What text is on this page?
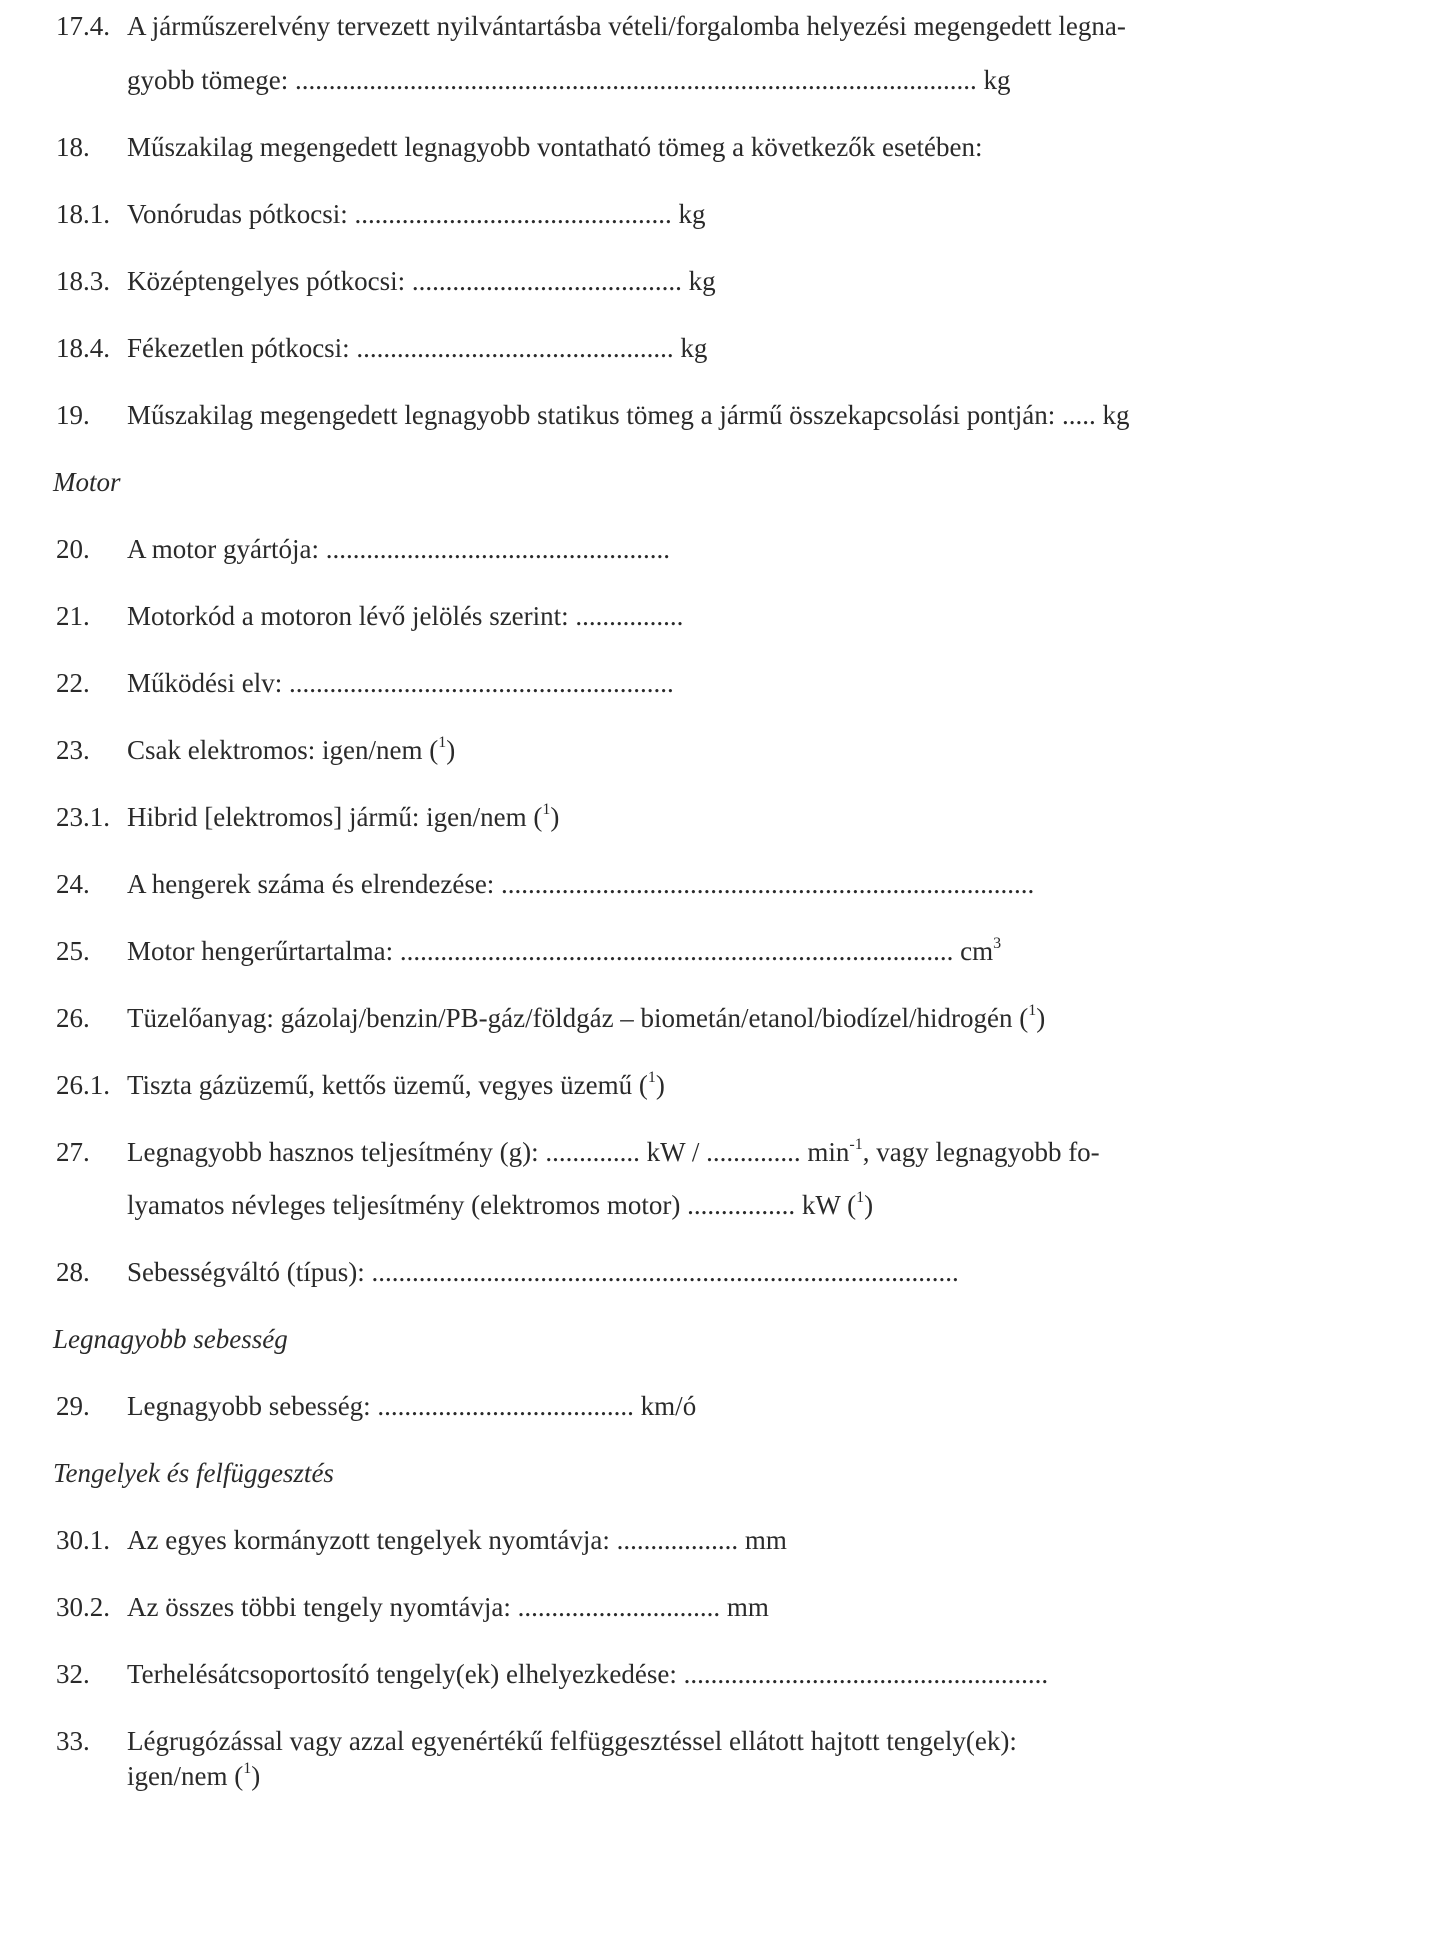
17.4. A járműszerelvény tervezett nyilvántartásba vételi/forgalomba helyezési megengedett legna-
gyobb tömege: ..................................................................................................... kg
18. Műszakilag megengedett legnagyobb vontatható tömeg a következők esetében:
18.1. Vonórudas pótkocsi: ............................................... kg
18.3. Középtengelyes pótkocsi: ........................................ kg
18.4. Fékezetlen pótkocsi: ............................................... kg
19. Műszakilag megengedett legnagyobb statikus tömeg a jármű összekapcsolási pontján: ..... kg
Motor
20. A motor gyártója: ...................................................
21. Motorkód a motoron lévő jelölés szerint: ................
22. Működési elv: .........................................................
23. Csak elektromos: igen/nem ($^1$)
23.1. Hibrid [elektromos] jármű: igen/nem ($^1$)
24. A hengerek száma és elrendezése: ...............................................................................
25. Motor hengerűrtartalma: .................................................................................. $cm^3$
26. Tüzelőanyag: gázolaj/benzin/PB-gáz/földgáz – biometán/etanol/biodízel/hidrogén ($^1$)
26.1. Tiszta gázüzemű, kettős üzemű, vegyes üzemű ($^1$)
27. Legnagyobb hasznos teljesítmény (g): .............. kW / .............. $\min^{-1}$, vagy legnagyobb fo-
lyamatos névleges teljesítmény (elektromos motor) ................ kW ($^1$)
28. Sebességváltó (típus): .......................................................................................
Legnagyobb sebesség
29. Legnagyobb sebesség: ...................................... km/ó
Tengelyek és felfüggesztés
30.1. Az egyes kormányzott tengelyek nyomtávja: .................. mm
30.2. Az összes többi tengely nyomtávja: .............................. mm
32. Terhelésátcsoportosító tengely(ek) elhelyezkedése: ......................................................
33. Légrugózással vagy azzal egyenértékű felfüggesztéssel ellátott hajtott tengely(ek):
igen/nem ($^1$)
